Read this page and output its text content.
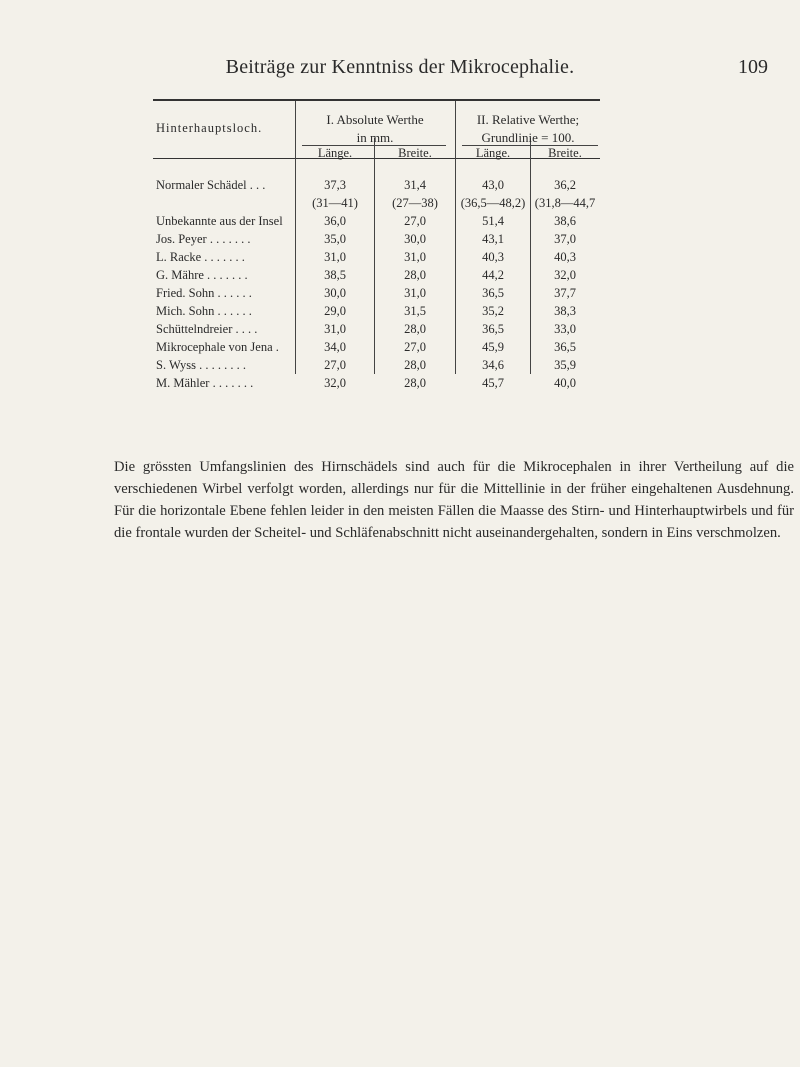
Beiträge zur Kenntniss der Mikrocephalie.	109
Hinterhauptsloch.
I. Absolute Werthe
in mm.
II. Relative Werthe;
Grundlinie = 100.
Länge.	Breite.	Länge.	Breite.
Normaler Schädel . . .	37,3	31,4	43,0	36,2
(31—41)	(27—38)	(36,5—48,2) (31,8—44,7
Unbekannte aus der Insel	36,0	27,0	51,4	38,6
Jos. Peyer . . . . . . .	35,0	30,0	43,1	37,0
L. Racke . . . . . . .	31,0	31,0	40,3	40,3
G. Mähre . . . . . . .	38,5	28,0	44,2	32,0
Fried. Sohn . . . . . .	30,0	31,0	36,5	37,7
Mich. Sohn . . . . . .	29,0	31,5	35,2	38,3
Schüttelndreier . . . .	31,0	28,0	36,5	33,0
Mikrocephale von Jena .	34,0	27,0	45,9	36,5
S. Wyss . . . . . . . .	27,0	28,0	34,6	35,9
M. Mähler . . . . . . .	32,0	28,0	45,7	40,0

Die grössten Umfangslinien des Hirnschädels sind auch für die Mikrocephalen in ihrer Vertheilung auf die verschiedenen Wirbel verfolgt worden, allerdings nur für die Mittellinie in der früher eingehaltenen Ausdehnung. Für die horizontale Ebene fehlen leider in den meisten Fällen die Maasse des Stirn- und Hinterhauptwirbels und für die frontale wurden der Scheitel- und Schläfenabschnitt nicht auseinandergehalten, sondern in Eins verschmolzen.
